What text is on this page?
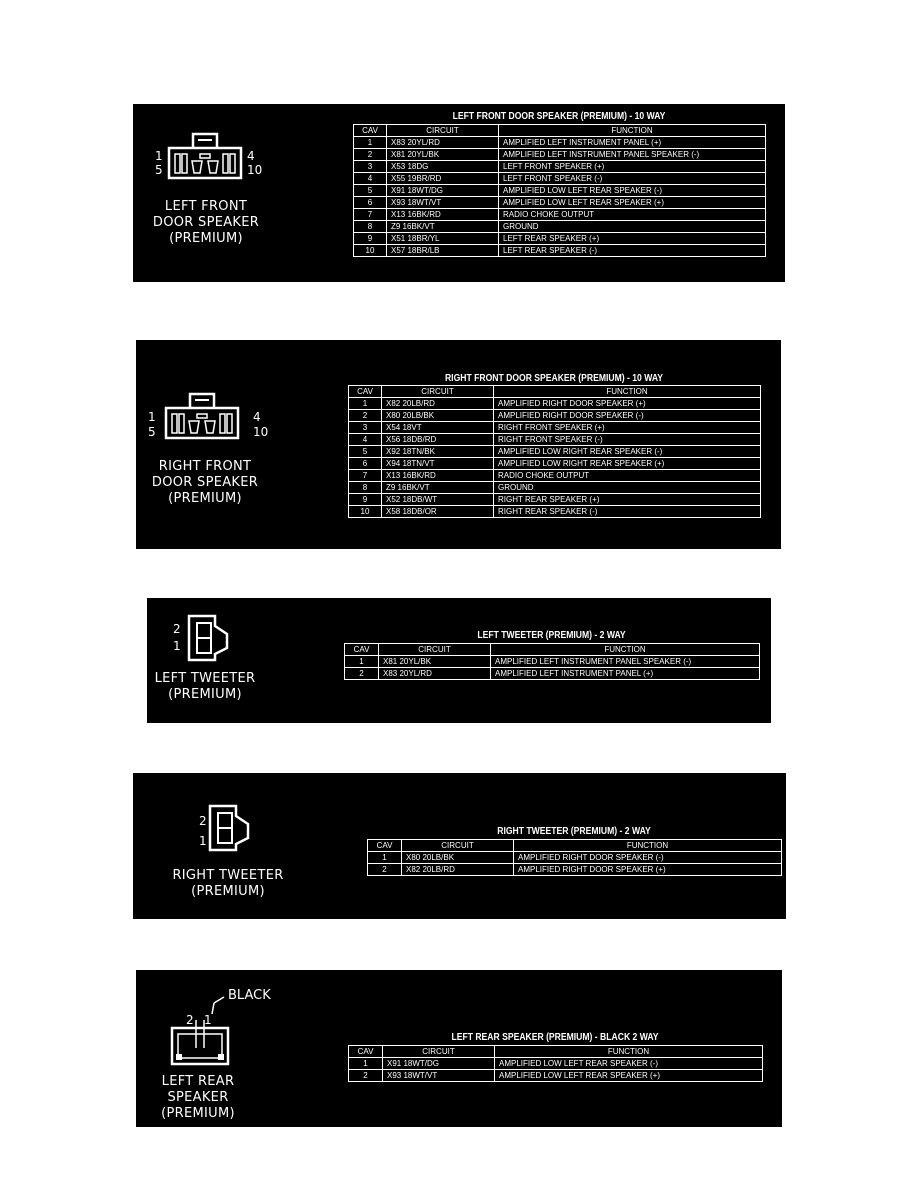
1
5
4
10
LEFT FRONT
DOOR SPEAKER
(PREMIUM)
LEFT FRONT DOOR SPEAKER (PREMIUM) - 10 WAY
CAV	CIRCUIT	FUNCTION
1	X83 20YL/RD	AMPLIFIED LEFT INSTRUMENT PANEL (+)
2	X81 20YL/BK	AMPLIFIED LEFT INSTRUMENT PANEL SPEAKER (-)
3	X53 18DG	LEFT FRONT SPEAKER (+)
4	X55 19BR/RD	LEFT FRONT SPEAKER (-)
5	X91 18WT/DG	AMPLIFIED LOW LEFT REAR SPEAKER (-)
6	X93 18WT/VT	AMPLIFIED LOW LEFT REAR SPEAKER (+)
7	X13 16BK/RD	RADIO CHOKE OUTPUT
8	Z9 16BK/VT	GROUND
9	X51 18BR/YL	LEFT REAR SPEAKER (+)
10	X57 18BR/LB	LEFT REAR SPEAKER (-)
1
5
4
10
RIGHT FRONT
DOOR SPEAKER
(PREMIUM)
RIGHT FRONT DOOR SPEAKER (PREMIUM) - 10 WAY
CAV	CIRCUIT	FUNCTION
1	X82 20LB/RD	AMPLIFIED RIGHT DOOR SPEAKER (+)
2	X80 20LB/BK	AMPLIFIED RIGHT DOOR SPEAKER (-)
3	X54 18VT	RIGHT FRONT SPEAKER (+)
4	X56 18DB/RD	RIGHT FRONT SPEAKER (-)
5	X92 18TN/BK	AMPLIFIED LOW RIGHT REAR SPEAKER (-)
6	X94 18TN/VT	AMPLIFIED LOW RIGHT REAR SPEAKER (+)
7	X13 16BK/RD	RADIO CHOKE OUTPUT
8	Z9 16BK/VT	GROUND
9	X52 18DB/WT	RIGHT REAR SPEAKER (+)
10	X58 18DB/OR	RIGHT REAR SPEAKER (-)
2
1
LEFT TWEETER
(PREMIUM)
LEFT TWEETER (PREMIUM) - 2 WAY
CAV	CIRCUIT	FUNCTION
1	X81 20YL/BK	AMPLIFIED LEFT INSTRUMENT PANEL SPEAKER (-)
2	X83 20YL/RD	AMPLIFIED LEFT INSTRUMENT PANEL (+)
2
1
RIGHT TWEETER
(PREMIUM)
RIGHT TWEETER (PREMIUM) - 2 WAY
CAV	CIRCUIT	FUNCTION
1	X80 20LB/BK	AMPLIFIED RIGHT DOOR SPEAKER (-)
2	X82 20LB/RD	AMPLIFIED RIGHT DOOR SPEAKER (+)
BLACK
2 1
LEFT REAR
SPEAKER
(PREMIUM)
LEFT REAR SPEAKER (PREMIUM) - BLACK 2 WAY
CAV	CIRCUIT	FUNCTION
1	X91 18WT/DG	AMPLIFIED LOW LEFT REAR SPEAKER (-)
2	X93 18WT/VT	AMPLIFIED LOW LEFT REAR SPEAKER (+)
